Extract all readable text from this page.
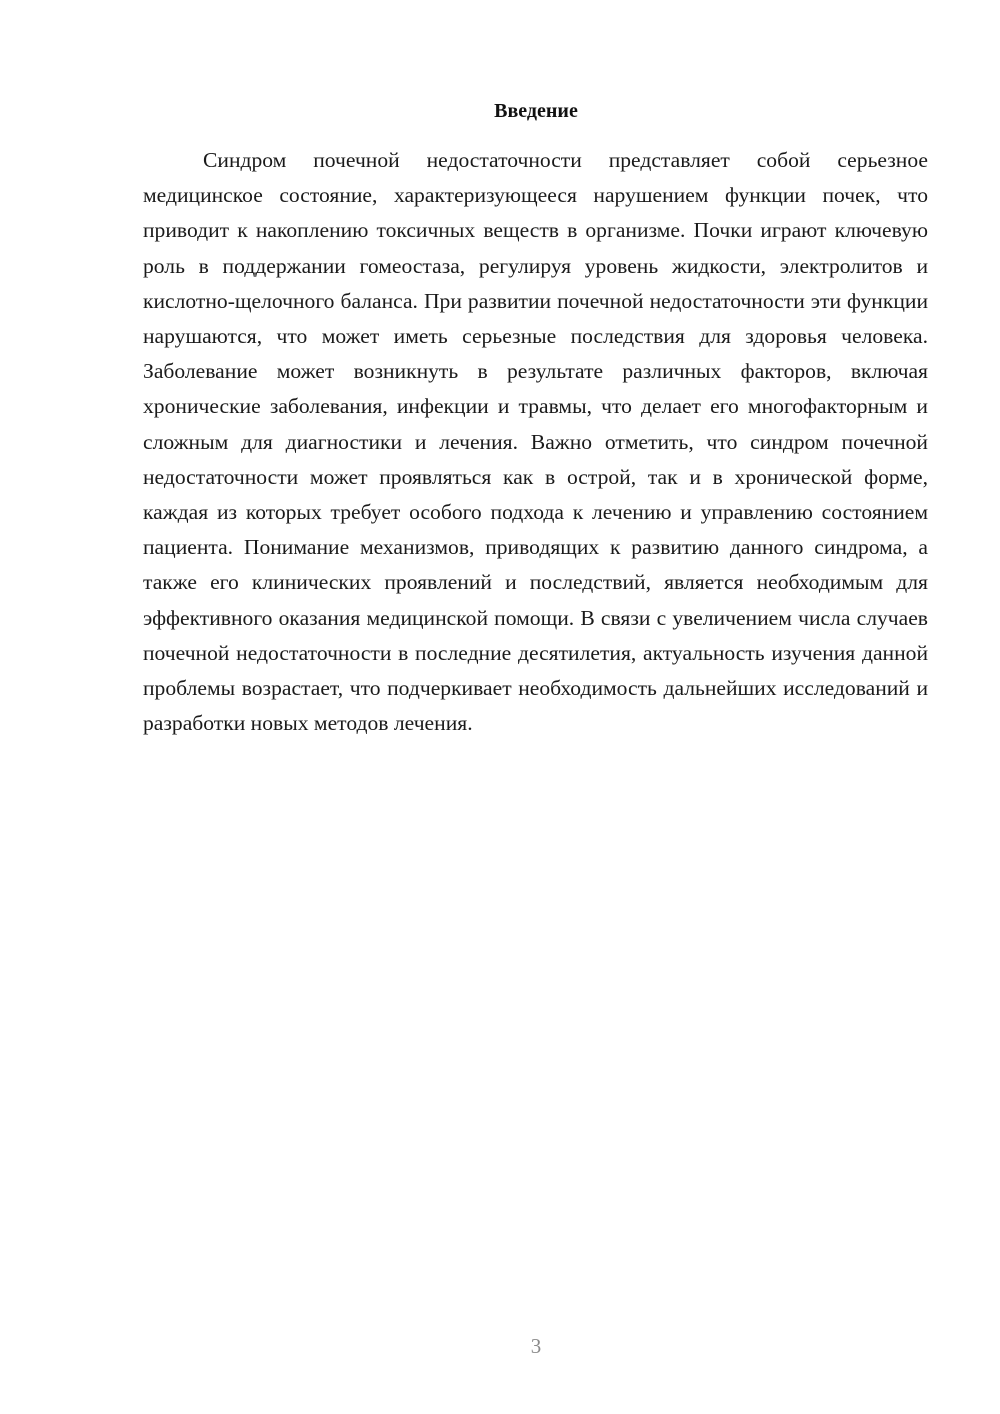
Введение

Синдром почечной недостаточности представляет собой серьезное медицинское состояние, характеризующееся нарушением функции почек, что приводит к накоплению токсичных веществ в организме. Почки играют ключевую роль в поддержании гомеостаза, регулируя уровень жидкости, электролитов и кислотно-щелочного баланса. При развитии почечной недостаточности эти функции нарушаются, что может иметь серьезные последствия для здоровья человека. Заболевание может возникнуть в результате различных факторов, включая хронические заболевания, инфекции и травмы, что делает его многофакторным и сложным для диагностики и лечения. Важно отметить, что синдром почечной недостаточности может проявляться как в острой, так и в хронической форме, каждая из которых требует особого подхода к лечению и управлению состоянием пациента. Понимание механизмов, приводящих к развитию данного синдрома, а также его клинических проявлений и последствий, является необходимым для эффективного оказания медицинской помощи. В связи с увеличением числа случаев почечной недостаточности в последние десятилетия, актуальность изучения данной проблемы возрастает, что подчеркивает необходимость дальнейших исследований и разработки новых методов лечения.

3
